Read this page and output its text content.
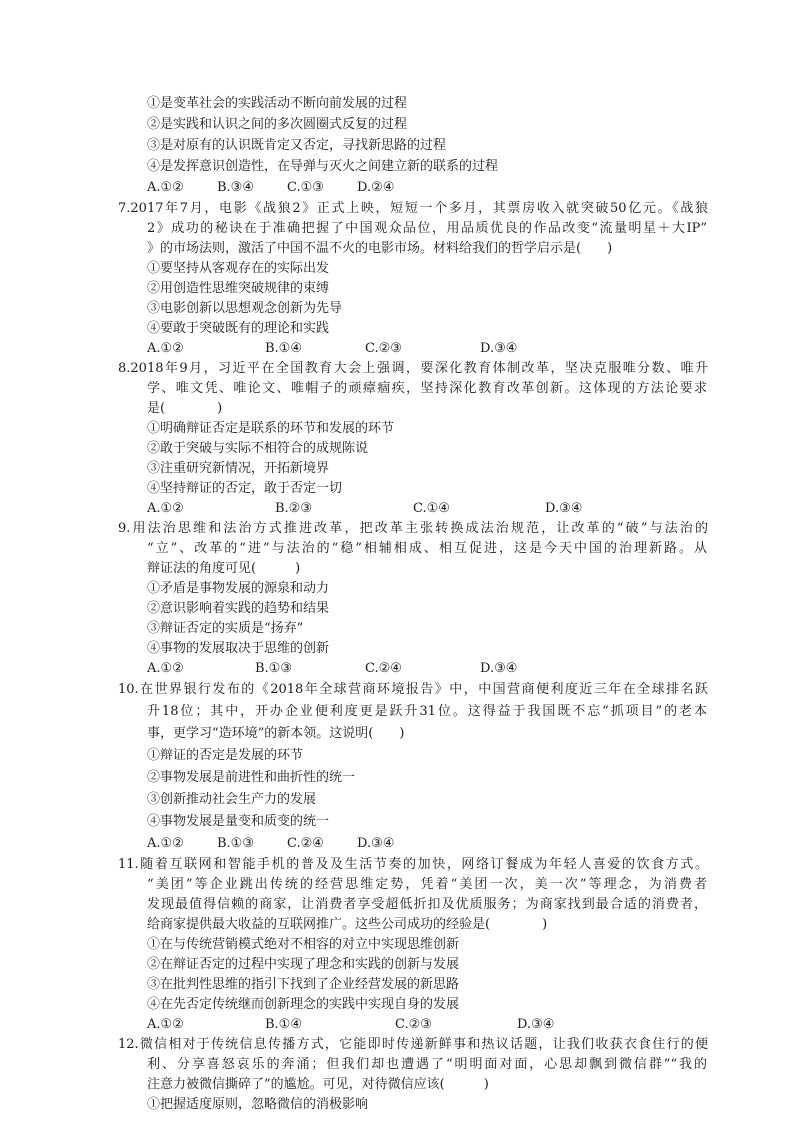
①是变革社会的实践活动不断向前发展的过程
②是实践和认识之间的多次圆圈式反复的过程
③是对原有的认识既肯定又否定，寻找新思路的过程
④是发挥意识创造性，在导弹与灭火之间建立新的联系的过程
A.①②	B.③④	C.①③	D.②④
7.2017年7月，电影《战狼2》正式上映，短短一个多月，其票房收入就突破50亿元。《战狼
2》成功的秘诀在于准确把握了中国观众品位，用品质优良的作品改变“流量明星＋大IP”
》的市场法则，激活了中国不温不火的电影市场。材料给我们的哲学启示是(　　)
①要坚持从客观存在的实际出发
②用创造性思维突破规律的束缚
③电影创新以思想观念创新为先导
④要敢于突破既有的理论和实践
A.①②	B.①④	C.②③	D.③④
8.2018年9月，习近平在全国教育大会上强调，要深化教育体制改革，坚决克服唯分数、唯升
学、唯文凭、唯论文、唯帽子的顽瘴痼疾，坚持深化教育改革创新。这体现的方法论要求
是(　　　　)
①明确辩证否定是联系的环节和发展的环节
②敢于突破与实际不相符合的成规陈说
③注重研究新情况，开拓新境界
④坚持辩证的否定，敢于否定一切
A.①②	B.②③	C.①④	D.③④
9.用法治思维和法治方式推进改革，把改革主张转换成法治规范，让改革的“破”与法治的
“立”、改革的“进”与法治的“稳”相辅相成、相互促进，这是今天中国的治理新路。从
辩证法的角度可见(　　　)
①矛盾是事物发展的源泉和动力
②意识影响着实践的趋势和结果
③辩证否定的实质是“扬弃”
④事物的发展取决于思维的创新
A.①②	B.①③	C.②④	D.③④
10.在世界银行发布的《2018年全球营商环境报告》中，中国营商便利度近三年在全球排名跃
升18位；其中，开办企业便利度更是跃升31位。这得益于我国既不忘“抓项目”的老本
事，更学习“造环境”的新本领。这说明(　　)
①辩证的否定是发展的环节
②事物发展是前进性和曲折性的统一
③创新推动社会生产力的发展
④事物发展是量变和质变的统一
A.①②	B.①③	C.②④	D.③④
11.随着互联网和智能手机的普及及生活节奏的加快，网络订餐成为年轻人喜爱的饮食方式。
“美团”等企业跳出传统的经营思维定势，凭着“美团一次，美一次”等理念，为消费者
发现最值得信赖的商家，让消费者享受超低折扣及优质服务；为商家找到最合适的消费者，
给商家提供最大收益的互联网推广。这些公司成功的经验是(　　　　)
①在与传统营销模式绝对不相容的对立中实现思维创新
②在辩证否定的过程中实现了理念和实践的创新与发展
③在批判性思维的指引下找到了企业经营发展的新思路
④在先否定传统继而创新理念的实践中实现自身的发展
A.①②	B.①④	C.②③	D.③④
12.微信相对于传统信息传播方式，它能即时传递新鲜事和热议话题，让我们收获衣食住行的便
利、分享喜怒哀乐的奔涌；但我们却也遭遇了“明明面对面，心思却飘到微信群”“我的
注意力被微信撕碎了”的尴尬。可见，对待微信应该(　　　)
①把握适度原则，忽略微信的消极影响
